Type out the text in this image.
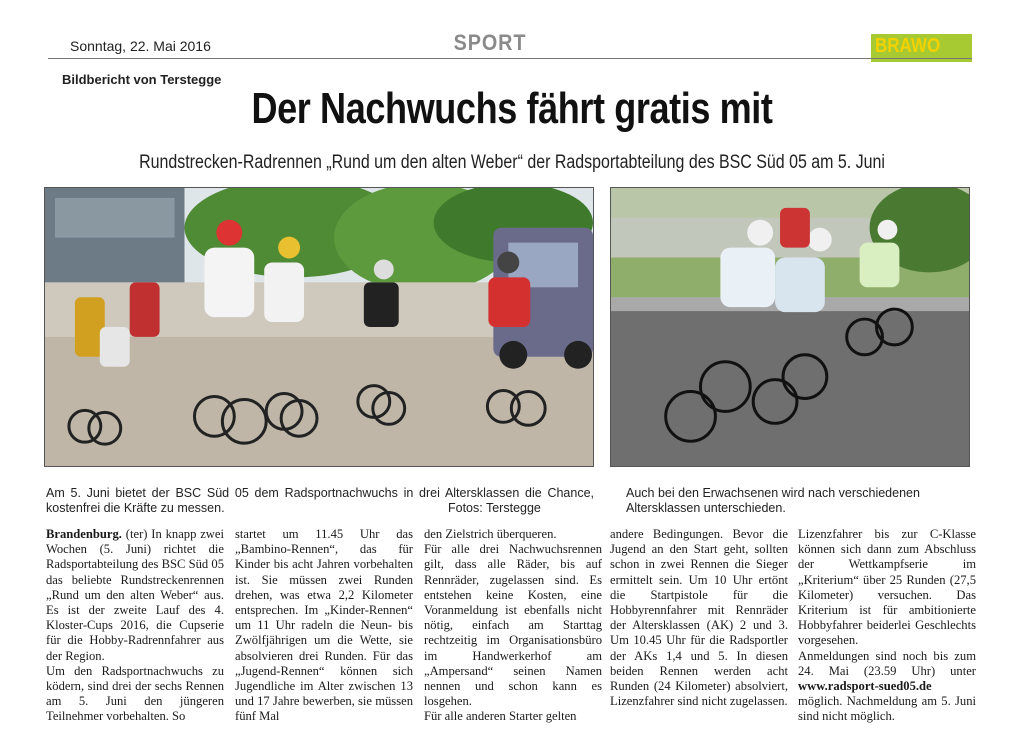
Sonntag, 22. Mai 2016	SPORT	BRAWO
Bildbericht von Terstegge
Der Nachwuchs fährt gratis mit
Rundstrecken-Radrennen „Rund um den alten Weber“ der Radsportabteilung des BSC Süd 05 am 5. Juni
Am 5. Juni bietet der BSC Süd 05 dem Radsportnachwuchs in drei Altersklassen die Chance, kostenfrei die Kräfte zu messen.	Fotos: Terstegge
Auch bei den Erwachsenen wird nach verschiedenen Altersklassen unterschieden.

Brandenburg. (ter) In knapp zwei Wochen (5. Juni) richtet die Radsportabteilung des BSC Süd 05 das beliebte Rundstreckenrennen „Rund um den alten Weber“ aus. Es ist der zweite Lauf des 4. Kloster-Cups 2016, die Cupserie für die Hobby-Radrennfahrer aus der Region.

Um den Radsportnachwuchs zu ködern, sind drei der sechs Rennen am 5. Juni den jüngeren Teilnehmer vorbehalten. So

startet um 11.45 Uhr das „Bambino-Rennen“, das für Kinder bis acht Jahren vorbehalten ist. Sie müssen zwei Runden drehen, was etwa 2,2 Kilometer entsprechen. Im „Kinder-Rennen“ um 11 Uhr radeln die Neun- bis Zwölfjährigen um die Wette, sie absolvieren drei Runden. Für das „Jugend-Rennen“ können sich Jugendliche im Alter zwischen 13 und 17 Jahre bewerben, sie müssen fünf Mal

den Zielstrich überqueren.

Für alle drei Nachwuchsrennen gilt, dass alle Räder, bis auf Rennräder, zugelassen sind. Es entstehen keine Kosten, eine Voranmeldung ist ebenfalls nicht nötig, einfach am Starttag rechtzeitig im Organisationsbüro im Handwerkerhof am „Ampersand“ seinen Namen nennen und schon kann es losgehen.

Für alle anderen Starter gelten

andere Bedingungen. Bevor die Jugend an den Start geht, sollten schon in zwei Rennen die Sieger ermittelt sein. Um 10 Uhr ertönt die Startpistole für die Hobbyrennfahrer mit Rennräder der Altersklassen (AK) 2 und 3. Um 10.45 Uhr für die Radsportler der AKs 1,4 und 5. In diesen beiden Rennen werden acht Runden (24 Kilometer) absolviert, Lizenzfahrer sind nicht zugelassen.

Lizenzfahrer bis zur C-Klasse können sich dann zum Abschluss der Wettkampfserie im „Kriterium“ über 25 Runden (27,5 Kilometer) versuchen. Das Kriterium ist für ambitionierte Hobbyfahrer beiderlei Geschlechts vorgesehen.

Anmeldungen sind noch bis zum 24. Mai (23.59 Uhr) unter www.radsport-sued05.de möglich. Nachmeldung am 5. Juni sind nicht möglich.
